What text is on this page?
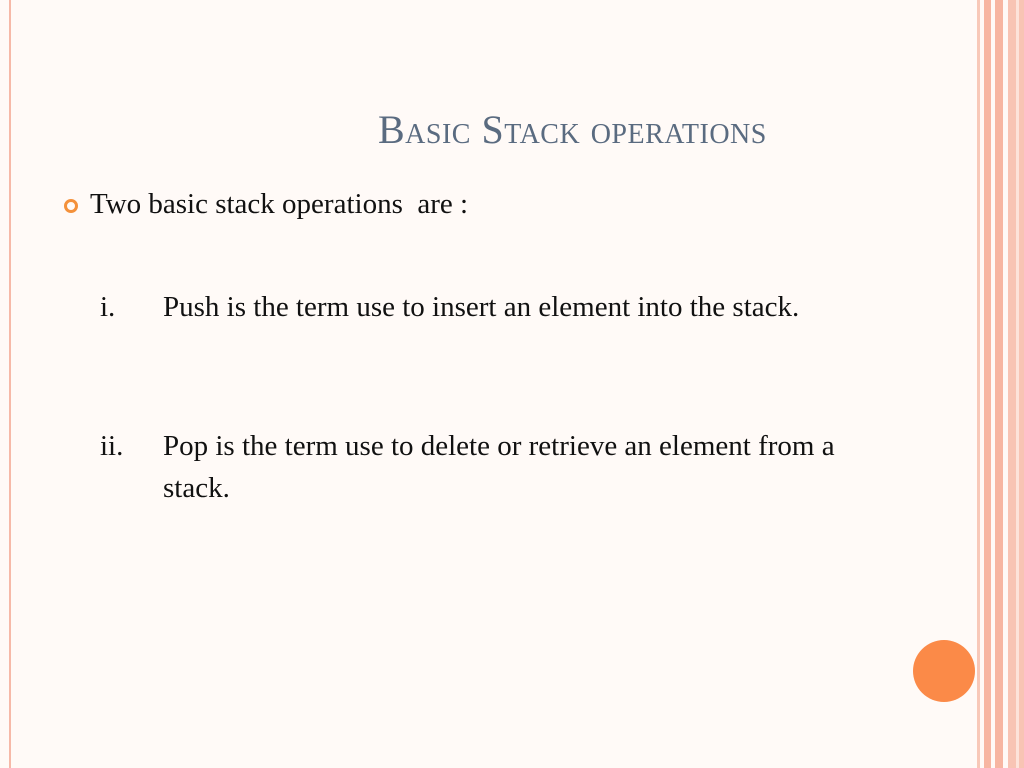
Basic Stack operations
Two basic stack operations  are :
i.	Push is the term use to insert an element into the stack.
ii.	Pop is the term use to delete or retrieve an element from a stack.
